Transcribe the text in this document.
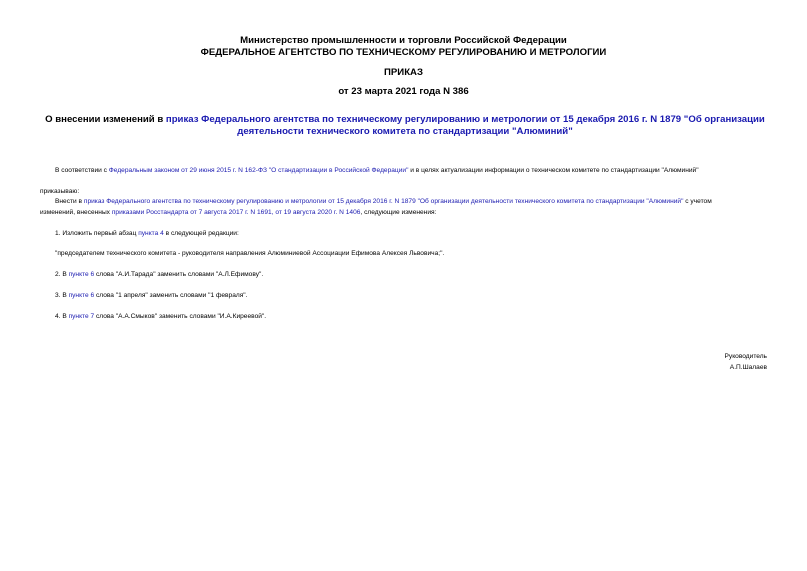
Министерство промышленности и торговли Российской Федерации
ФЕДЕРАЛЬНОЕ АГЕНТСТВО ПО ТЕХНИЧЕСКОМУ РЕГУЛИРОВАНИЮ И МЕТРОЛОГИИ
ПРИКАЗ
от 23 марта 2021 года N 386
О внесении изменений в приказ Федерального агентства по техническому регулированию и метрологии от 15 декабря 2016 г. N 1879 "Об организации деятельности технического комитета по стандартизации "Алюминий"
В соответствии с Федеральным законом от 29 июня 2015 г. N 162-ФЗ "О стандартизации в Российской Федерации" и в целях актуализации информации о техническом комитете по стандартизации "Алюминий"
приказываю:
Внести в приказ Федерального агентства по техническому регулированию и метрологии от 15 декабря 2016 г. N 1879 "Об организации деятельности технического комитета по стандартизации "Алюминий" с учетом
изменений, внесенных приказами Росстандарта от 7 августа 2017 г. N 1691, от 19 августа 2020 г. N 1406, следующие изменения:
1. Изложить первый абзац пункта 4 в следующей редакции:
"председателем технического комитета - руководителя направления Алюминиевой Ассоциации Ефимова Алексея Львовича;".
2. В пункте 6 слова "А.И.Тарада" заменить словами "А.Л.Ефимову".
3. В пункте 6 слова "1 апреля" заменить словами "1 февраля".
4. В пункте 7 слова "А.А.Смыков" заменить словами "И.А.Киреевой".
Руководитель
А.П.Шалаев
